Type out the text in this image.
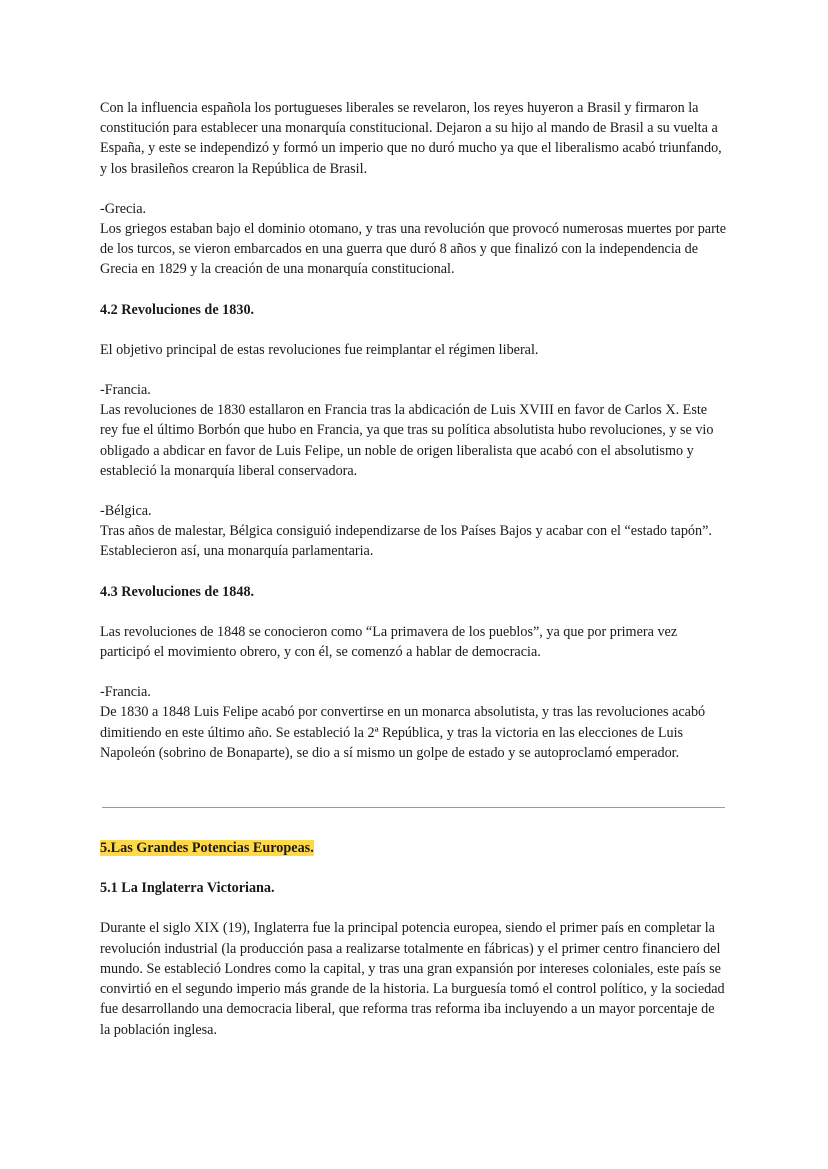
Con la influencia española los portugueses liberales se revelaron, los reyes huyeron a Brasil y firmaron la constitución para establecer una monarquía constitucional. Dejaron a su hijo al mando de Brasil a su vuelta a España, y este se independizó y formó un imperio que no duró mucho ya que el liberalismo acabó triunfando, y los brasileños crearon la República de Brasil.

-Grecia.

Los griegos estaban bajo el dominio otomano, y tras una revolución que provocó numerosas muertes por parte de los turcos, se vieron embarcados en una guerra que duró 8 años y que finalizó con la independencia de Grecia en 1829 y la creación de una monarquía constitucional.

4.2 Revoluciones de 1830.

El objetivo principal de estas revoluciones fue reimplantar el régimen liberal.

-Francia.

Las revoluciones de 1830 estallaron en Francia tras la abdicación de Luis XVIII en favor de Carlos X. Este rey fue el último Borbón que hubo en Francia, ya que tras su política absolutista hubo revoluciones, y se vio obligado a abdicar en favor de Luis Felipe, un noble de origen liberalista que acabó con el absolutismo y estableció la monarquía liberal conservadora.

-Bélgica.

Tras años de malestar, Bélgica consiguió independizarse de los Países Bajos y acabar con el “estado tapón”. Establecieron así, una monarquía parlamentaria.

4.3 Revoluciones de 1848.

Las revoluciones de 1848 se conocieron como “La primavera de los pueblos”, ya que por primera vez participó el movimiento obrero, y con él, se comenzó a hablar de democracia.

-Francia.

De 1830 a 1848 Luis Felipe acabó por convertirse en un monarca absolutista, y tras las revoluciones acabó dimitiendo en este último año. Se estableció la 2ª República, y tras la victoria en las elecciones de Luis Napoleón (sobrino de Bonaparte), se dio a sí mismo un golpe de estado y se autoproclamó emperador.

5.Las Grandes Potencias Europeas.

5.1 La Inglaterra Victoriana.

Durante el siglo XIX (19), Inglaterra fue la principal potencia europea, siendo el primer país en completar la revolución industrial (la producción pasa a realizarse totalmente en fábricas) y el primer centro financiero del mundo. Se estableció Londres como la capital, y tras una gran expansión por intereses coloniales, este país se convirtió en el segundo imperio más grande de la historia. La burguesía tomó el control político, y la sociedad fue desarrollando una democracia liberal, que reforma tras reforma iba incluyendo a un mayor porcentaje de la población inglesa.
